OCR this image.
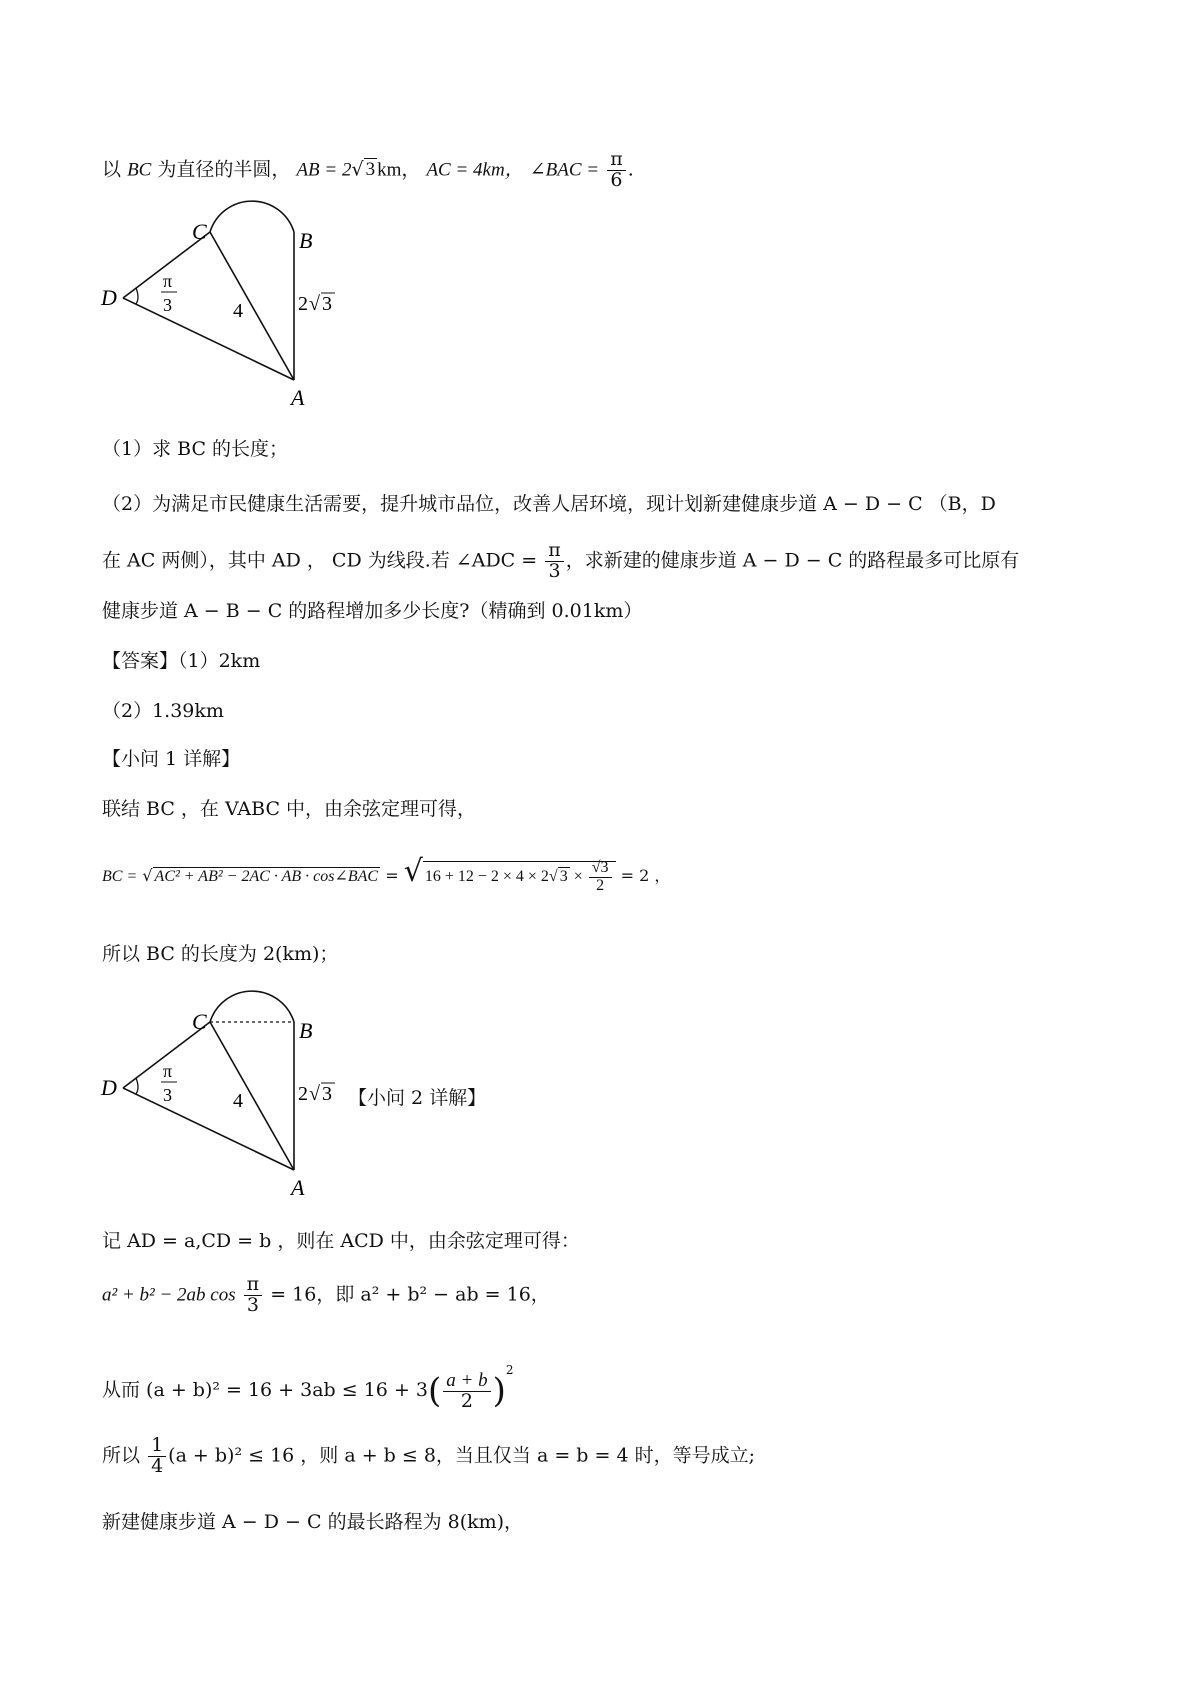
以 BC 为直径的半圆， AB = 2√ 3 km， AC = 4km， ∠BAC = $\frac{\pi}{6}$ .
C	B
D
A
π
3	4	2 √ 3
（1）求 BC 的长度；
（2）为满足市民健康生活需要，提升城市品位，改善人居环境，现计划新建健康步道 A − D − C （B，D
在 AC 两侧），其中 AD ， CD 为线段.若 ∠ADC = $\frac{\pi}{3}$ ，求新建的健康步道 A − D − C 的路程最多可比原有
健康步道 A − B − C 的路程增加多少长度?（精确到 0.01km）
【答案】（1）2km
（2）1.39km
【小问 1 详解】
联结 BC ，在 VABC 中，由余弦定理可得，
BC = √ AC² + AB² − 2AC · AB · cos∠BAC = √ 16 + 12 − 2 × 4 × 2√ $3 \times \frac{√3}{2} = 2$ ，
所以 BC 的长度为 2(km)；
C	B
D
A
π
3	4	2 √ 3 【小问 2 详解】
记 AD = a,CD = b ，则在 ACD 中，由余弦定理可得：
a² + b² − 2ab $\cos \frac{\pi}{3} = 16$，即 a² + b² − ab = 16，
从而 $(a + b)^2 = 16 + 3ab \le 16 + 3( \frac{a + b}{2} )^2$
所以 $\frac{1}{4} (a + b)^2 \le 16$ ，则 a + b ≤ 8，当且仅当 a = b = 4 时，等号成立;
新建健康步道 A − D − C 的最长路程为 8(km)，
